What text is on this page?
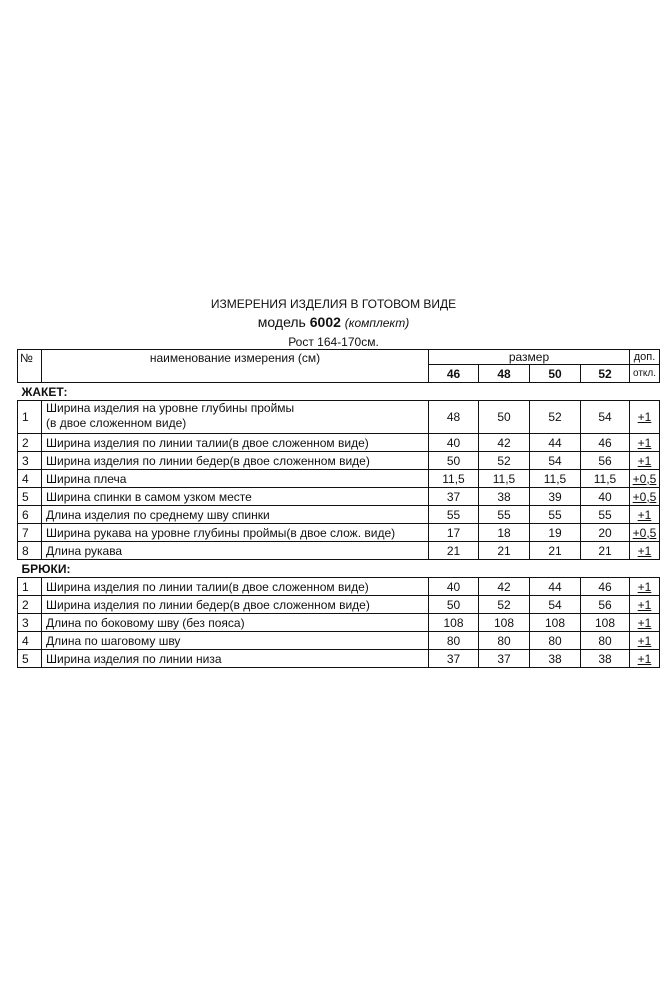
ИЗМЕРЕНИЯ ИЗДЕЛИЯ В ГОТОВОМ ВИДЕ
модель 6002 (комплект)
Рост 164-170см.
№	наименование измерения (см)	размер				доп.
		46	48	50	52	откл.
ЖАКЕТ:						
1	Ширина изделия на уровне глубины проймы
(в двое сложенном виде)	48	50	52	54	+1
2	Ширина изделия по линии талии(в двое сложенном виде)	40	42	44	46	+1
3	Ширина изделия по линии бедер(в двое сложенном виде)	50	52	54	56	+1
4	Ширина плеча	11,5	11,5	11,5	11,5	+0,5
5	Ширина спинки в самом узком месте	37	38	39	40	+0,5
6	Длина изделия по среднему шву спинки	55	55	55	55	+1
7	Ширина рукава на уровне глубины проймы(в двое слож. виде)	17	18	19	20	+0,5
8	Длина рукава	21	21	21	21	+1
БРЮКИ:						
1	Ширина изделия по линии талии(в двое сложенном виде)	40	42	44	46	+1
2	Ширина изделия по линии бедер(в двое сложенном виде)	50	52	54	56	+1
3	Длина по боковому шву (без пояса)	108	108	108	108	+1
4	Длина по шаговому шву	80	80	80	80	+1
5	Ширина изделия по линии низа	37	37	38	38	+1
